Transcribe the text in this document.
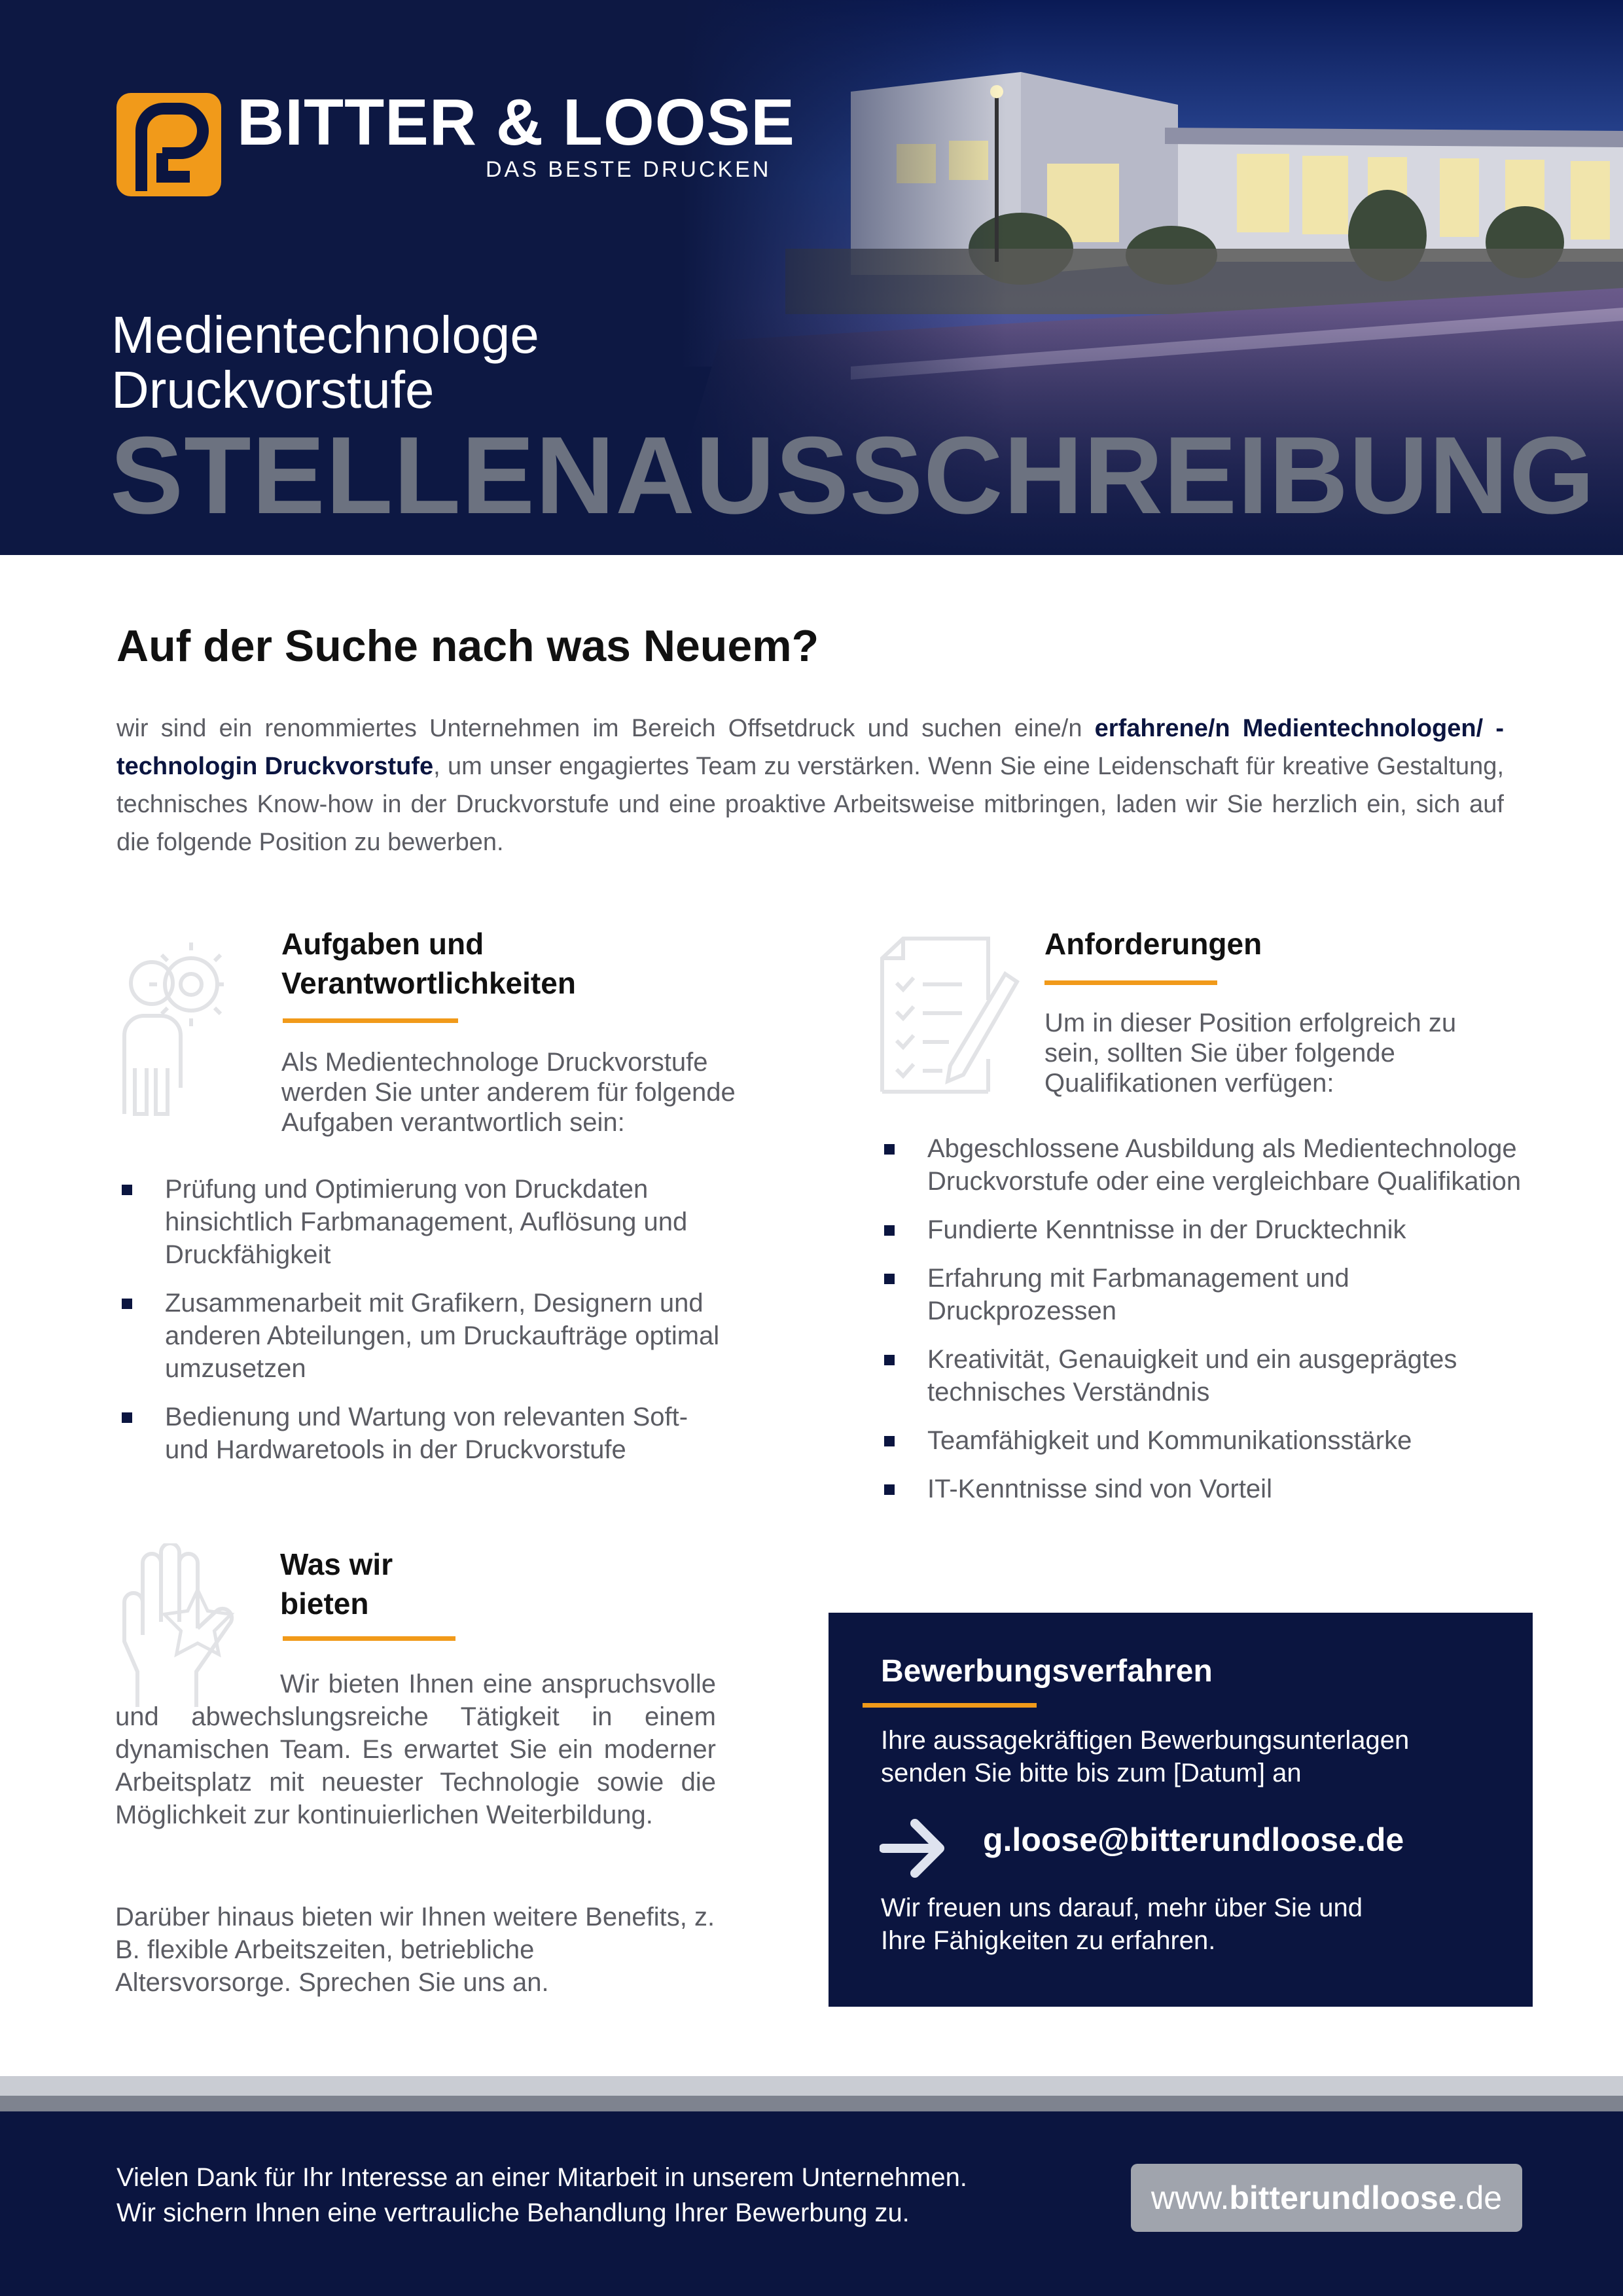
BITTER & LOOSE
DAS BESTE DRUCKEN
Medientechnologe
Druckvorstufe
STELLENAUSSCHREIBUNG
Auf der Suche nach was Neuem?
wir sind ein renommiertes Unternehmen im Bereich Offsetdruck und suchen eine/n erfahrene/n Medientechnologen/ -technologin Druckvorstufe, um unser engagiertes Team zu verstärken. Wenn Sie eine Leidenschaft für kreative Gestaltung, technisches Know-how in der Druckvorstufe und eine proaktive Arbeitsweise mitbringen, laden wir Sie herzlich ein, sich auf die folgende Position zu bewerben.
Aufgaben und
Verantwortlichkeiten
Als Medientechnologe Druckvorstufe werden Sie unter anderem für folgende Aufgaben verantwortlich sein:
Prüfung und Optimierung von Druckdaten hinsichtlich Farbmanagement, Auflösung und Druckfähigkeit
Zusammenarbeit mit Grafikern, Designern und anderen Abteilungen, um Druckaufträge optimal umzusetzen
Bedienung und Wartung von relevanten Soft- und Hardwaretools in der Druckvorstufe
Anforderungen
Um in dieser Position erfolgreich zu sein, sollten Sie über folgende Qualifikationen verfügen:
Abgeschlossene Ausbildung als Medientechnologe Druckvorstufe oder eine vergleichbare Qualifikation
Fundierte Kenntnisse in der Drucktechnik
Erfahrung mit Farbmanagement und Druckprozessen
Kreativität, Genauigkeit und ein ausgeprägtes technisches Verständnis
Teamfähigkeit und Kommunikationsstärke
IT-Kenntnisse sind von Vorteil
Was wir
bieten
Wir bieten Ihnen eine anspruchsvolle und abwechslungsreiche Tätigkeit in einem dynamischen Team. Es erwartet Sie ein moderner Arbeitsplatz mit neuester Technologie sowie die Möglichkeit zur kontinuierlichen Weiterbildung.
Darüber hinaus bieten wir Ihnen weitere Benefits, z. B. flexible Arbeitszeiten, betriebliche Altersvorsorge. Sprechen Sie uns an.
Bewerbungsverfahren
Ihre aussagekräftigen Bewerbungsunterlagen senden Sie bitte bis zum [Datum] an
g.loose@bitterundloose.de
Wir freuen uns darauf, mehr über Sie und Ihre Fähigkeiten zu erfahren.
Vielen Dank für Ihr Interesse an einer Mitarbeit in unserem Unternehmen.
Wir sichern Ihnen eine vertrauliche Behandlung Ihrer Bewerbung zu.	www. bitterundloose .de
